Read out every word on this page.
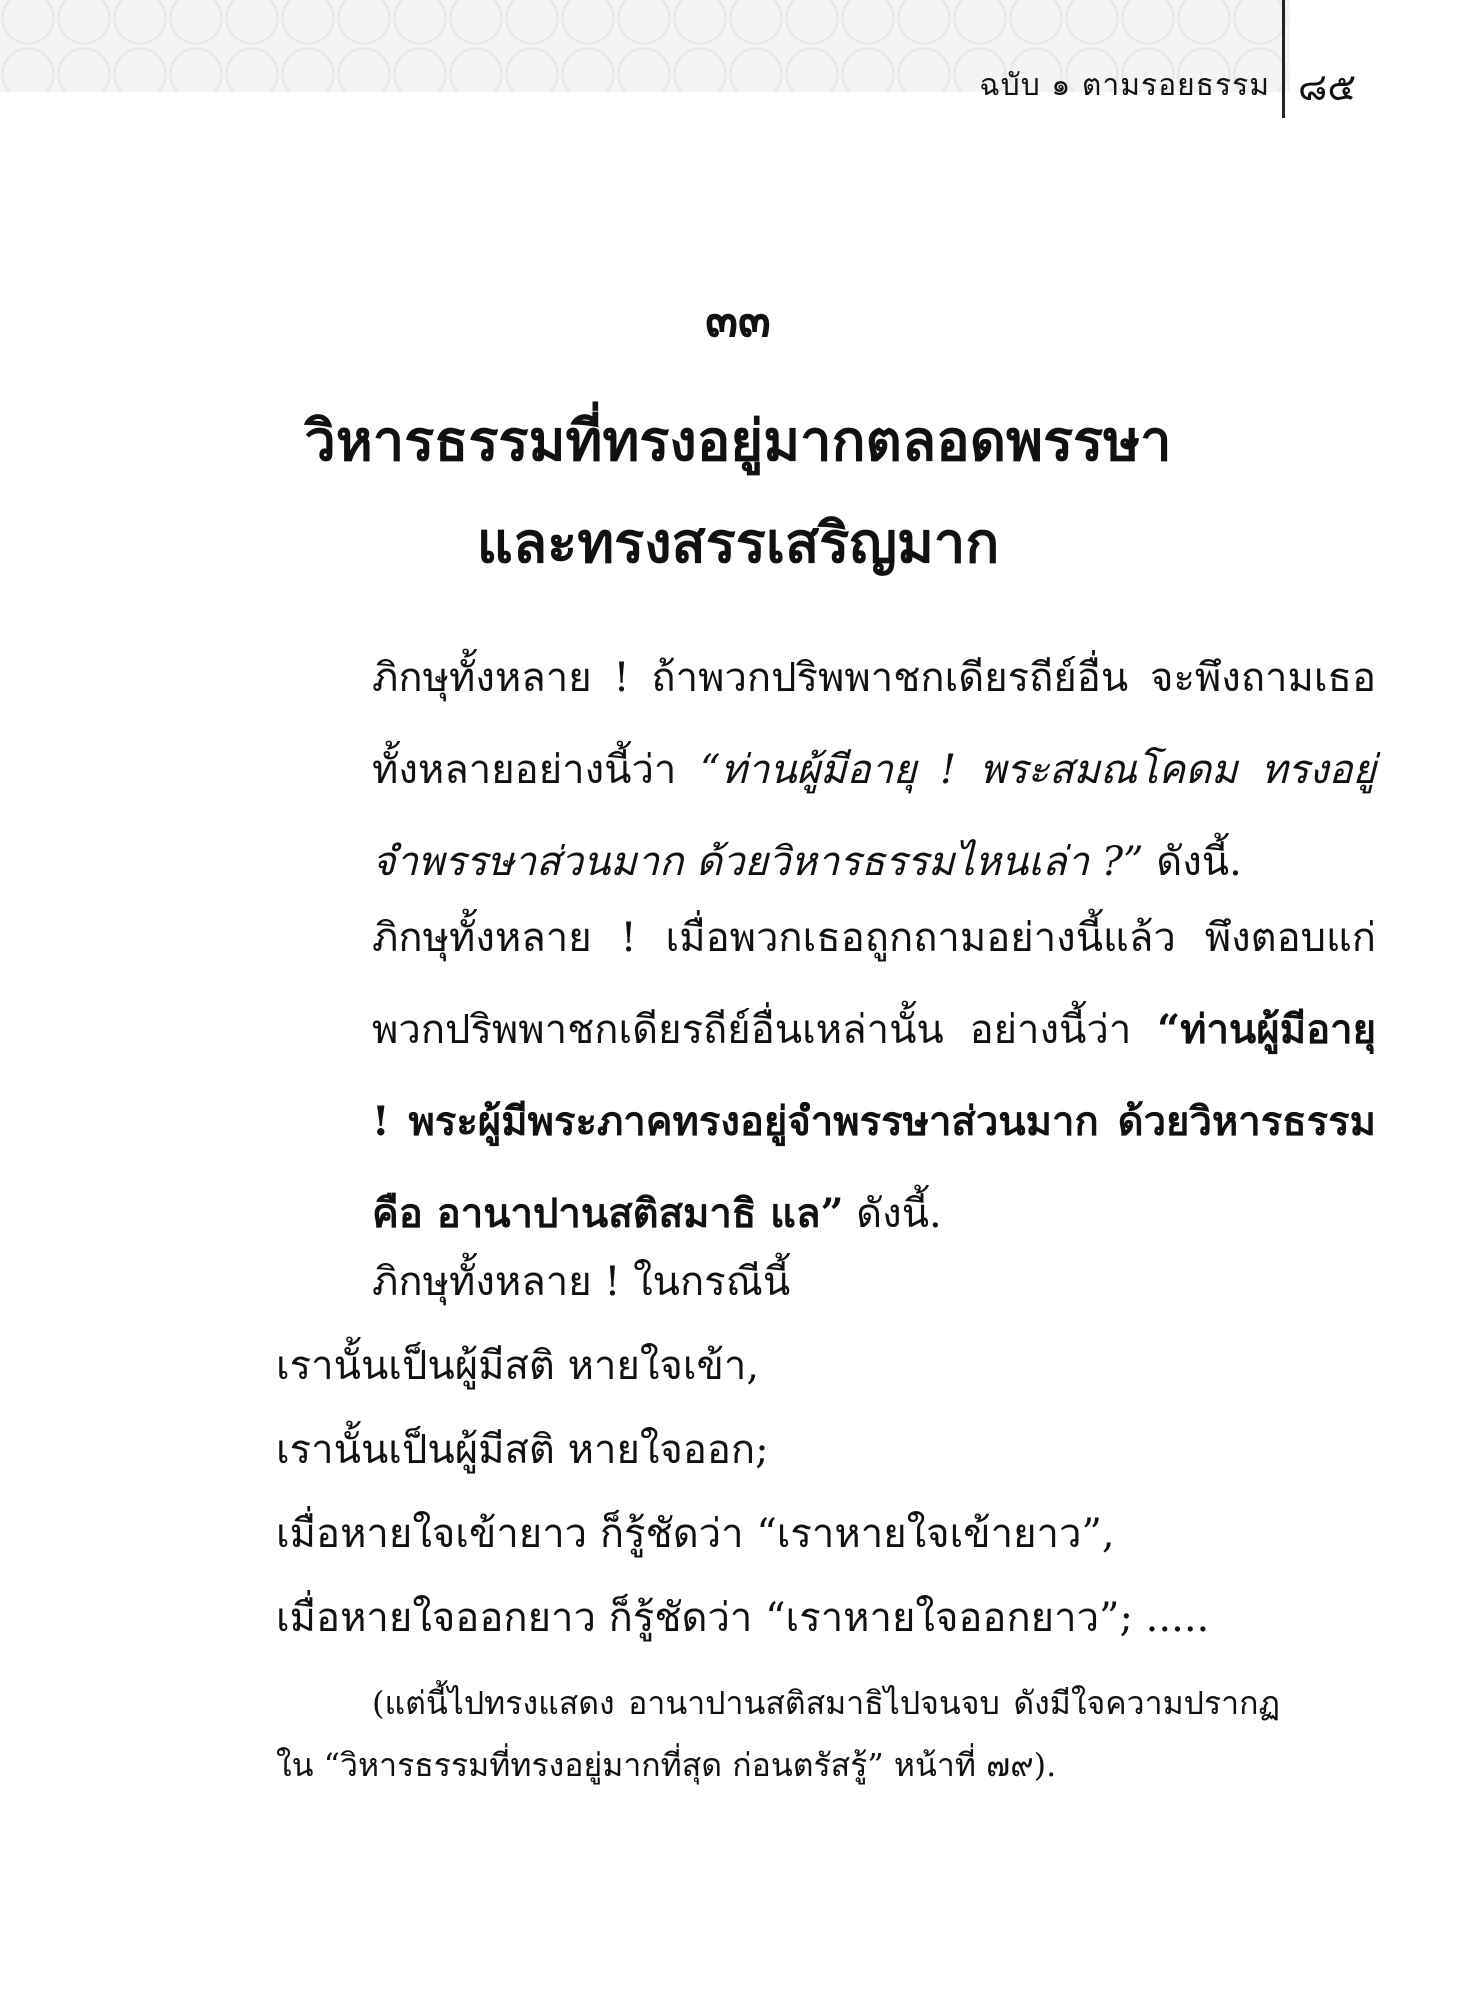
ฉบับ ๑ ตามรอยธรรม ๘๕
๓๓
วิหารธรรมที่ทรงอยู่มากตลอดพรรษา
และทรงสรรเสริญมาก

ภิกษุทั้งหลาย ! ถ้าพวกปริพพาชกเดียรถีย์อื่น จะพึงถามเธอทั้งหลายอย่างนี้ว่า “ท่านผู้มีอายุ ! พระสมณโคดม ทรงอยู่จำพรรษาส่วนมาก ด้วยวิหารธรรมไหนเล่า ?” ดังนี้.

ภิกษุทั้งหลาย ! เมื่อพวกเธอถูกถามอย่างนี้แล้ว พึงตอบแก่พวกปริพพาชกเดียรถีย์อื่นเหล่านั้น อย่างนี้ว่า “ท่านผู้มีอายุ ! พระผู้มีพระภาคทรงอยู่จำพรรษาส่วนมาก ด้วยวิหารธรรม คือ อานาปานสติสมาธิ แล” ดังนี้.

ภิกษุทั้งหลาย ! ในกรณีนี้
เรานั้นเป็นผู้มีสติ หายใจเข้า,
เรานั้นเป็นผู้มีสติ หายใจออก;
เมื่อหายใจเข้ายาว ก็รู้ชัดว่า “เราหายใจเข้ายาว”,
เมื่อหายใจออกยาว ก็รู้ชัดว่า “เราหายใจออกยาว”; .....
(แต่นี้ไปทรงแสดง อานาปานสติสมาธิไปจนจบ ดังมีใจความปรากฏใน “วิหารธรรมที่ทรงอยู่มากที่สุด ก่อนตรัสรู้” หน้าที่ ๗๙).
